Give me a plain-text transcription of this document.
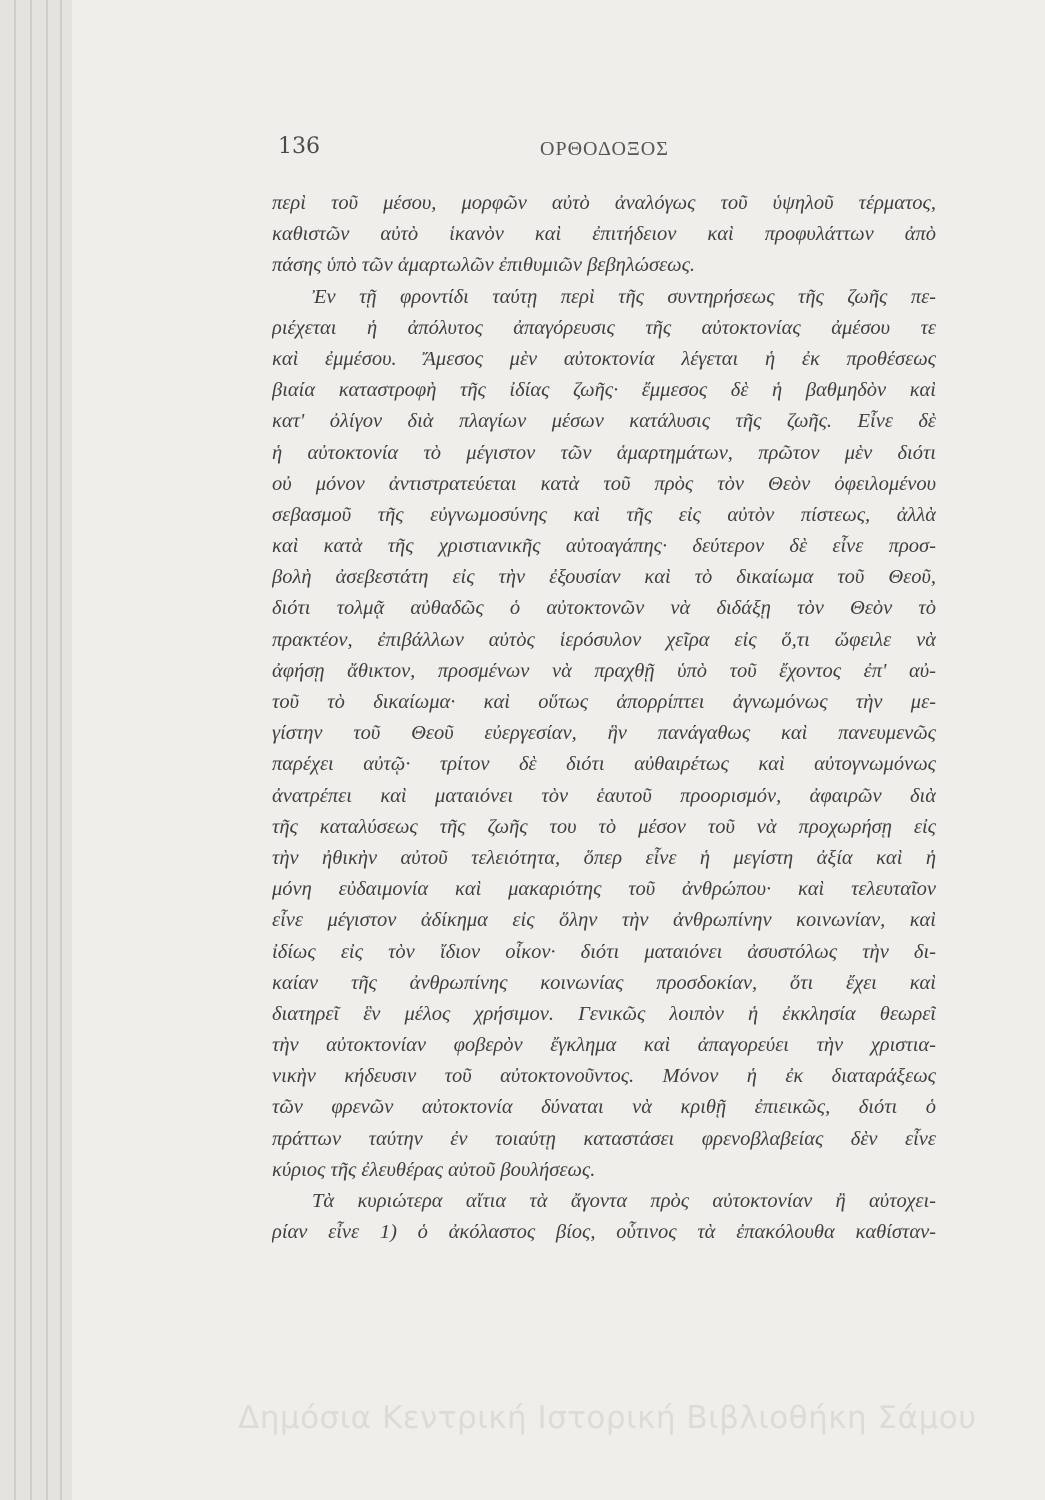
136	ΟΡΘΟΔΟΞΟΣ
περὶ τοῦ μέσου, μορφῶν αὐτὸ ἀναλόγως τοῦ ὑψηλοῦ τέρματος,
καθιστῶν αὐτὸ ἱκανὸν καὶ ἐπιτήδειον καὶ προφυλάττων ἀπὸ
πάσης ὑπὸ τῶν ἁμαρτωλῶν ἐπιθυμιῶν βεβηλώσεως.
Ἐν τῇ φροντίδι ταύτῃ περὶ τῆς συντηρήσεως τῆς ζωῆς πε-
ριέχεται ἡ ἀπόλυτος ἀπαγόρευσις τῆς αὐτοκτονίας ἀμέσου τε
καὶ ἐμμέσου. Ἄμεσος μὲν αὐτοκτονία λέγεται ἡ ἐκ προθέσεως
βιαία καταστροφὴ τῆς ἰδίας ζωῆς· ἔμμεσος δὲ ἡ βαθμηδὸν καὶ
κατ' ὀλίγον διὰ πλαγίων μέσων κατάλυσις τῆς ζωῆς. Εἶνε δὲ
ἡ αὐτοκτονία τὸ μέγιστον τῶν ἁμαρτημάτων, πρῶτον μὲν διότι
οὐ μόνον ἀντιστρατεύεται κατὰ τοῦ πρὸς τὸν Θεὸν ὀφειλομένου
σεβασμοῦ τῆς εὐγνωμοσύνης καὶ τῆς εἰς αὐτὸν πίστεως, ἀλλὰ
καὶ κατὰ τῆς χριστιανικῆς αὐτοαγάπης· δεύτερον δὲ εἶνε προσ-
βολὴ ἀσεβεστάτη εἰς τὴν ἐξουσίαν καὶ τὸ δικαίωμα τοῦ Θεοῦ,
διότι τολμᾷ αὐθαδῶς ὁ αὐτοκτονῶν νὰ διδάξῃ τὸν Θεὸν τὸ
πρακτέον, ἐπιβάλλων αὐτὸς ἱερόσυλον χεῖρα εἰς ὅ,τι ὤφειλε νὰ
ἀφήσῃ ἄθικτον, προσμένων νὰ πραχθῇ ὑπὸ τοῦ ἔχοντος ἐπ' αὐ-
τοῦ τὸ δικαίωμα· καὶ οὕτως ἀπορρίπτει ἀγνωμόνως τὴν με-
γίστην τοῦ Θεοῦ εὐεργεσίαν, ἣν πανάγαθως καὶ πανευμενῶς
παρέχει αὐτῷ· τρίτον δὲ διότι αὐθαιρέτως καὶ αὐτογνωμόνως
ἀνατρέπει καὶ ματαιόνει τὸν ἑαυτοῦ προορισμόν, ἀφαιρῶν διὰ
τῆς καταλύσεως τῆς ζωῆς του τὸ μέσον τοῦ νὰ προχωρήσῃ εἰς
τὴν ἠθικὴν αὐτοῦ τελειότητα, ὅπερ εἶνε ἡ μεγίστη ἀξία καὶ ἡ
μόνη εὐδαιμονία καὶ μακαριότης τοῦ ἀνθρώπου· καὶ τελευταῖον
εἶνε μέγιστον ἀδίκημα εἰς ὅλην τὴν ἀνθρωπίνην κοινωνίαν, καὶ
ἰδίως εἰς τὸν ἴδιον οἶκον· διότι ματαιόνει ἀσυστόλως τὴν δι-
καίαν τῆς ἀνθρωπίνης κοινωνίας προσδοκίαν, ὅτι ἔχει καὶ
διατηρεῖ ἓν μέλος χρήσιμον. Γενικῶς λοιπὸν ἡ ἐκκλησία θεωρεῖ
τὴν αὐτοκτονίαν φοβερὸν ἔγκλημα καὶ ἀπαγορεύει τὴν χριστια-
νικὴν κήδευσιν τοῦ αὐτοκτονοῦντος. Μόνον ἡ ἐκ διαταράξεως
τῶν φρενῶν αὐτοκτονία δύναται νὰ κριθῇ ἐπιεικῶς, διότι ὁ
πράττων ταύτην ἐν τοιαύτῃ καταστάσει φρενοβλαβείας δὲν εἶνε
κύριος τῆς ἐλευθέρας αὐτοῦ βουλήσεως.
Τὰ κυριώτερα αἴτια τὰ ἄγοντα πρὸς αὐτοκτονίαν ἢ αὐτοχει-
ρίαν εἶνε 1) ὁ ἀκόλαστος βίος, οὗτινος τὰ ἐπακόλουθα καθίσταν-
Δημόσια Κεντρική Ιστορική Βιβλιοθήκη Σάμου
